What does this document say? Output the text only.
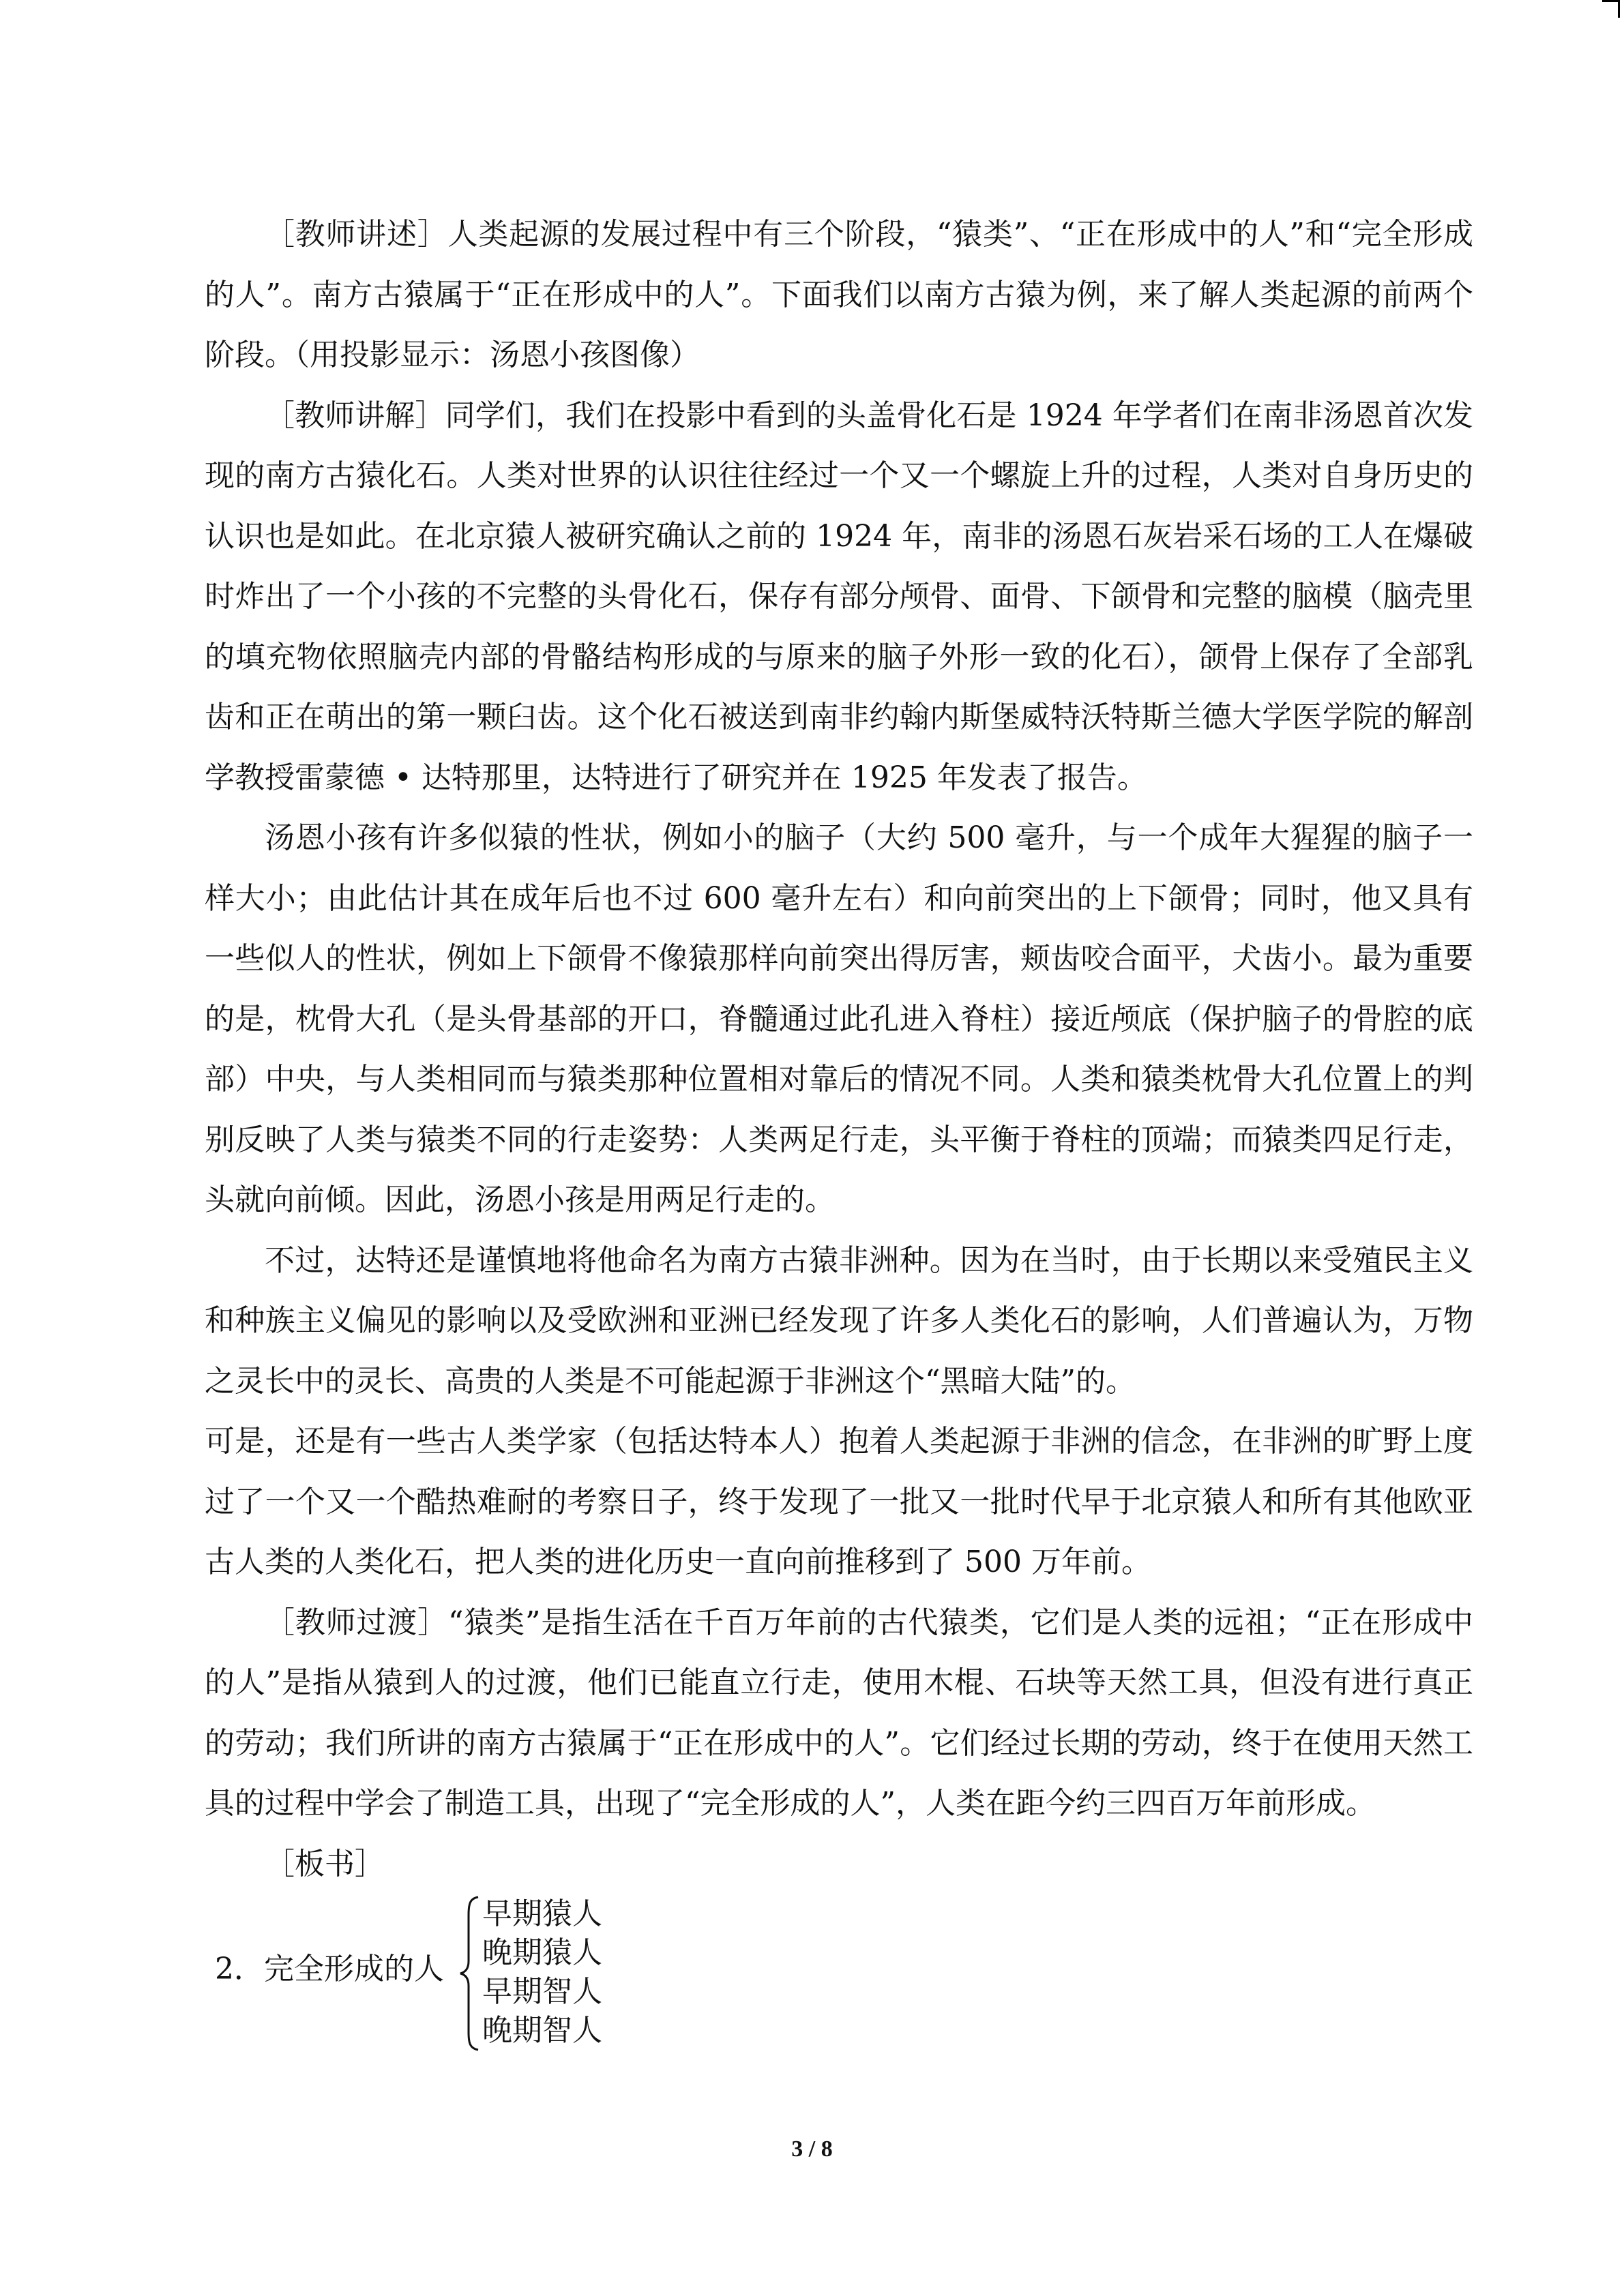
［教师讲述］人类起源的发展过程中有三个阶段，“猿类”、“正在形成中的人”和“完全形成的人”。南方古猿属于“正在形成中的人”。下面我们以南方古猿为例，来了解人类起源的前两个阶段。（用投影显示：汤恩小孩图像）

［教师讲解］同学们，我们在投影中看到的头盖骨化石是 1924 年学者们在南非汤恩首次发现的南方古猿化石。人类对世界的认识往往经过一个又一个螺旋上升的过程，人类对自身历史的认识也是如此。在北京猿人被研究确认之前的 1924 年，南非的汤恩石灰岩采石场的工人在爆破时炸出了一个小孩的不完整的头骨化石，保存有部分颅骨、面骨、下颌骨和完整的脑模（脑壳里的填充物依照脑壳内部的骨骼结构形成的与原来的脑子外形一致的化石），颌骨上保存了全部乳齿和正在萌出的第一颗臼齿。这个化石被送到南非约翰内斯堡威特沃特斯兰德大学医学院的解剖学教授雷蒙德 • 达特那里，达特进行了研究并在 1925 年发表了报告。

汤恩小孩有许多似猿的性状，例如小的脑子（大约 500 毫升，与一个成年大猩猩的脑子一样大小；由此估计其在成年后也不过 600 毫升左右）和向前突出的上下颌骨；同时，他又具有一些似人的性状，例如上下颌骨不像猿那样向前突出得厉害，颊齿咬合面平，犬齿小。最为重要的是，枕骨大孔（是头骨基部的开口，脊髓通过此孔进入脊柱）接近颅底（保护脑子的骨腔的底部）中央，与人类相同而与猿类那种位置相对靠后的情况不同。人类和猿类枕骨大孔位置上的判别反映了人类与猿类不同的行走姿势：人类两足行走，头平衡于脊柱的顶端；而猿类四足行走，头就向前倾。因此，汤恩小孩是用两足行走的。

不过，达特还是谨慎地将他命名为南方古猿非洲种。因为在当时，由于长期以来受殖民主义和种族主义偏见的影响以及受欧洲和亚洲已经发现了许多人类化石的影响，人们普遍认为，万物之灵长中的灵长、高贵的人类是不可能起源于非洲这个“黑暗大陆”的。

可是，还是有一些古人类学家（包括达特本人）抱着人类起源于非洲的信念，在非洲的旷野上度过了一个又一个酷热难耐的考察日子，终于发现了一批又一批时代早于北京猿人和所有其他欧亚古人类的人类化石，把人类的进化历史一直向前推移到了 500 万年前。

［教师过渡］“猿类”是指生活在千百万年前的古代猿类，它们是人类的远祖；“正在形成中的人”是指从猿到人的过渡，他们已能直立行走，使用木棍、石块等天然工具，但没有进行真正的劳动；我们所讲的南方古猿属于“正在形成中的人”。它们经过长期的劳动，终于在使用天然工具的过程中学会了制造工具，出现了“完全形成的人”，人类在距今约三四百万年前形成。

［板书］

2．完全形成的人
早期猿人
晚期猿人
早期智人
晚期智人
3 / 8
